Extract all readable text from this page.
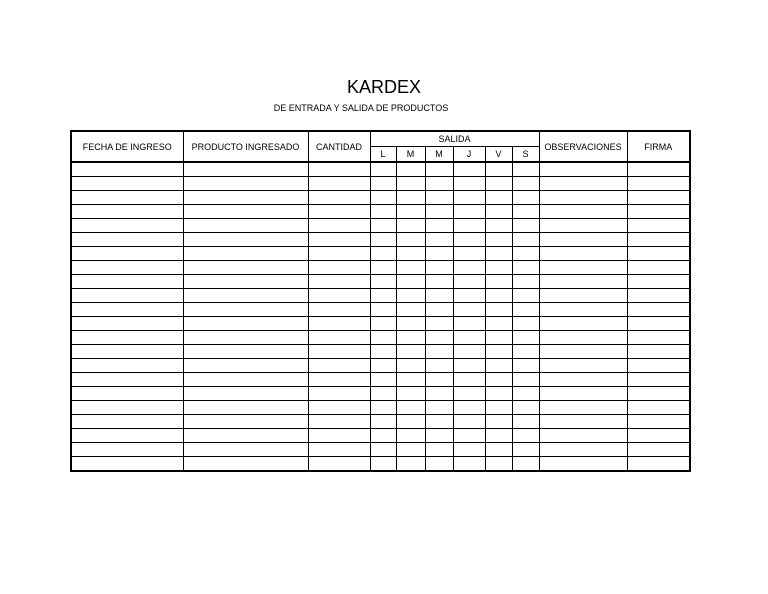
KARDEX
DE ENTRADA Y SALIDA DE PRODUCTOS
FECHA DE INGRESO	PRODUCTO INGRESADO	CANTIDAD	SALIDA						OBSERVACIONES	FIRMA
			L	M	M	J	V	S		
